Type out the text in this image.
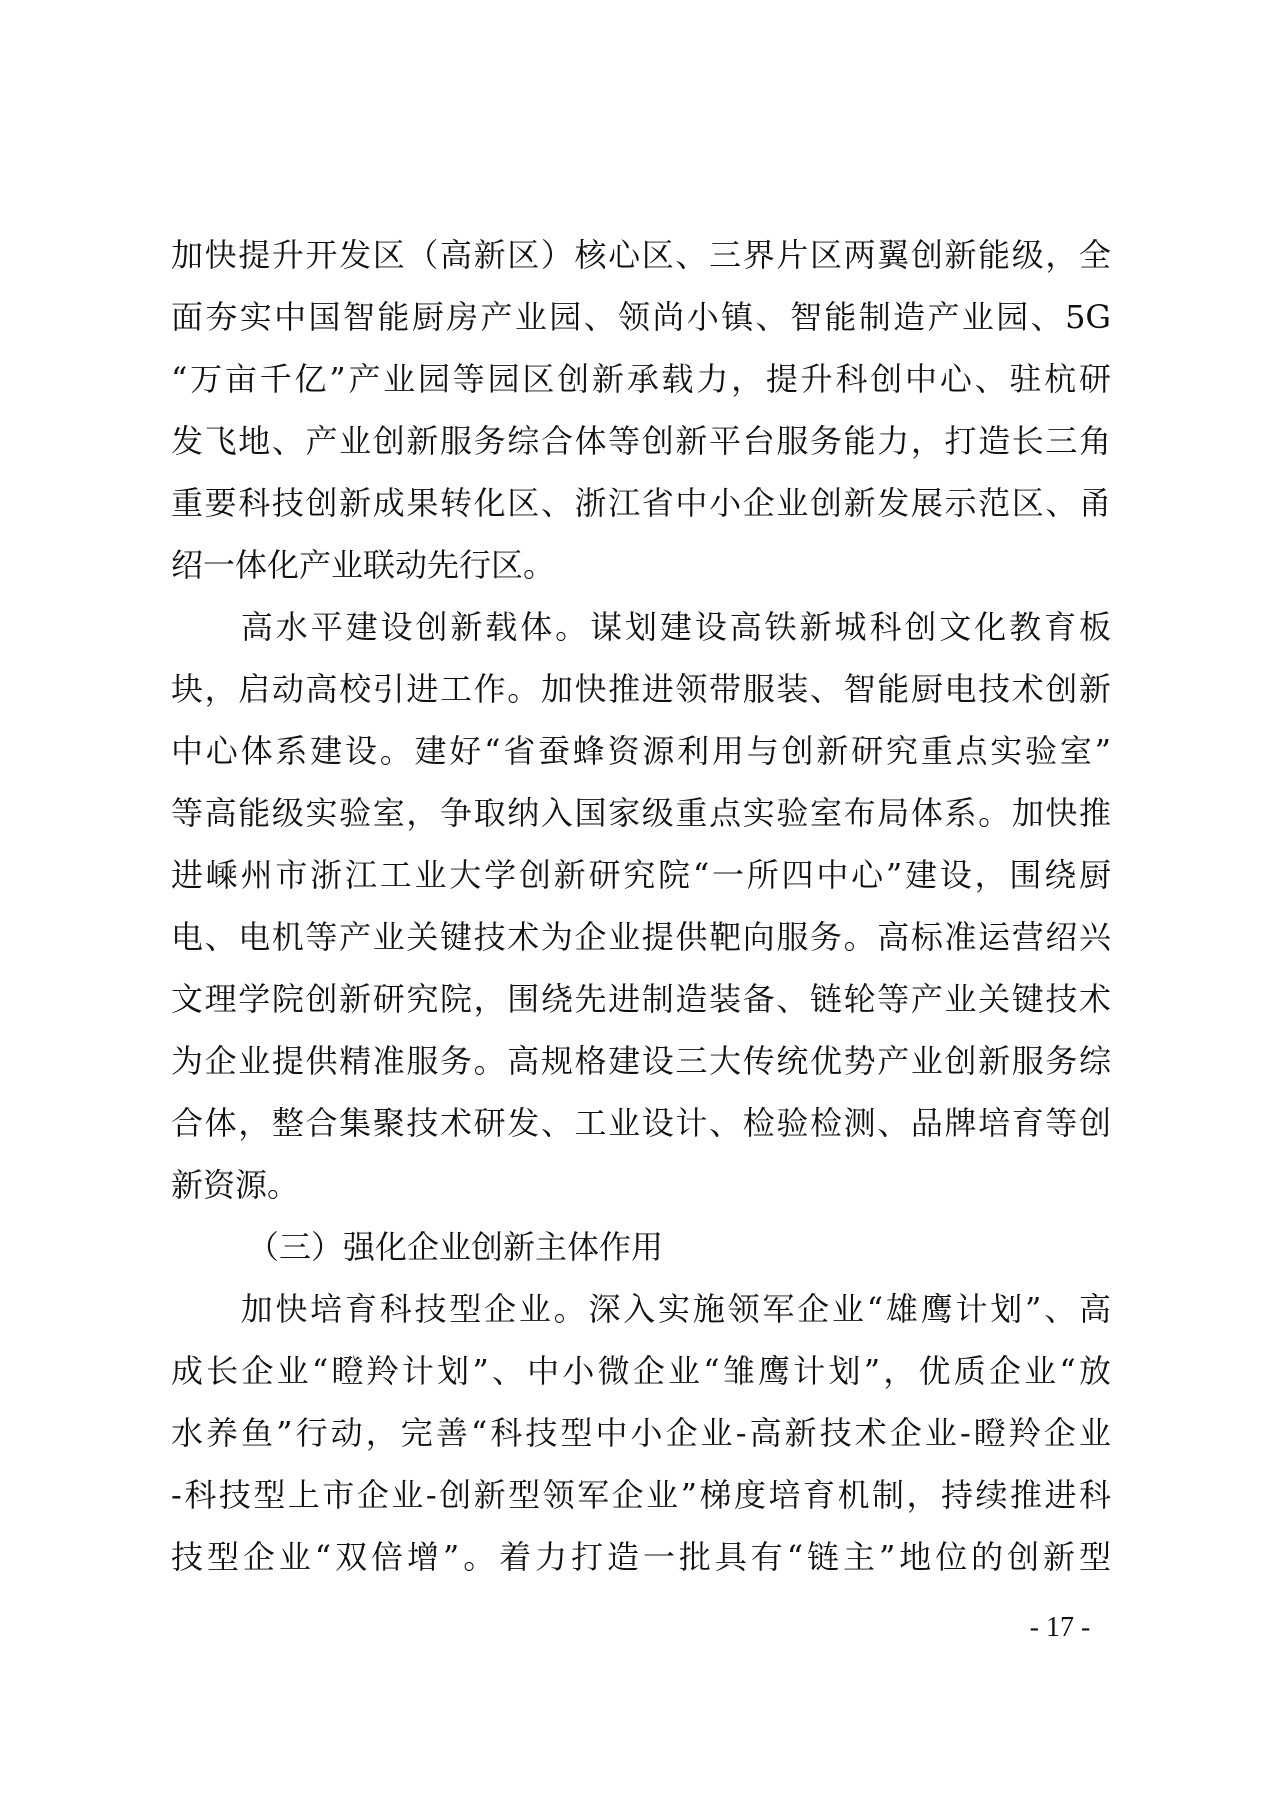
加快提升开发区（高新区）核心区、三界片区两翼创新能级，全
面夯实中国智能厨房产业园、领尚小镇、智能制造产业园、5G
“万亩千亿”产业园等园区创新承载力，提升科创中心、驻杭研
发飞地、产业创新服务综合体等创新平台服务能力，打造长三角
重要科技创新成果转化区、浙江省中小企业创新发展示范区、甬
绍一体化产业联动先行区。
　　高水平建设创新载体。谋划建设高铁新城科创文化教育板
块，启动高校引进工作。加快推进领带服装、智能厨电技术创新
中心体系建设。建好“省蚕蜂资源利用与创新研究重点实验室”
等高能级实验室，争取纳入国家级重点实验室布局体系。加快推
进嵊州市浙江工业大学创新研究院“一所四中心”建设，围绕厨
电、电机等产业关键技术为企业提供靶向服务。高标准运营绍兴
文理学院创新研究院，围绕先进制造装备、链轮等产业关键技术
为企业提供精准服务。高规格建设三大传统优势产业创新服务综
合体，整合集聚技术研发、工业设计、检验检测、品牌培育等创
新资源。
（三）强化企业创新主体作用
　　加快培育科技型企业。深入实施领军企业“雄鹰计划”、高
成长企业“瞪羚计划”、中小微企业“雏鹰计划”，优质企业“放
水养鱼”行动，完善“科技型中小企业-高新技术企业-瞪羚企业
-科技型上市企业-创新型领军企业”梯度培育机制，持续推进科
技型企业“双倍增”。着力打造一批具有“链主”地位的创新型
- 17 -
